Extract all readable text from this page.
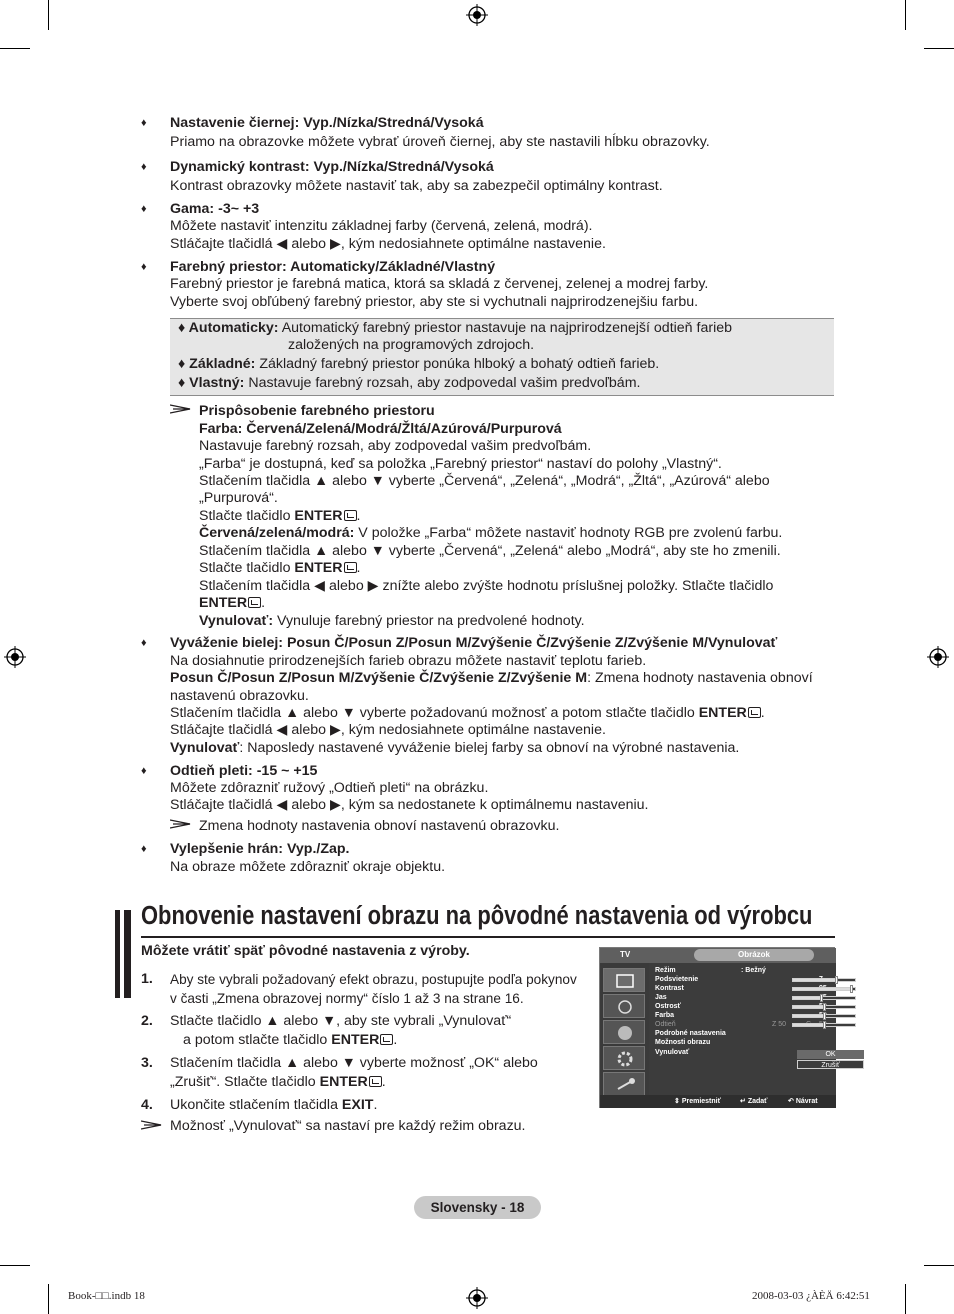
♦ Nastavenie čiernej: Vyp./Nízka/Stredná/Vysoká
Priamo na obrazovke môžete vybrať úroveň čiernej, aby ste nastavili hĺbku obrazovky.
♦ Dynamický kontrast: Vyp./Nízka/Stredná/Vysoká
Kontrast obrazovky môžete nastaviť tak, aby sa zabezpečil optimálny kontrast.
♦ Gama: -3~ +3
Môžete nastaviť intenzitu základnej farby (červená, zelená, modrá).
Stláčajte tlačidlá ◀ alebo ▶, kým nedosiahnete optimálne nastavenie.
♦ Farebný priestor: Automaticky/Základné/Vlastný
Farebný priestor je farebná matica, ktorá sa skladá z červenej, zelenej a modrej farby.
Vyberte svoj obľúbený farebný priestor, aby ste si vychutnali najprirodzenejšiu farbu.
♦ Automaticky: Automatický farebný priestor nastavuje na najprirodzenejší odtieň farieb
založených na programových zdrojoch.
♦ Základné: Základný farebný priestor ponúka hlboký a bohatý odtieň farieb.
♦ Vlastný: Nastavuje farebný rozsah, aby zodpovedal vašim predvoľbám.
Prispôsobenie farebného priestoru
Farba: Červená/Zelená/Modrá/Žltá/Azúrová/Purpurová
Nastavuje farebný rozsah, aby zodpovedal vašim predvoľbám.
„Farba“ je dostupná, keď sa položka „Farebný priestor“ nastaví do polohy „Vlastný“.
Stlačením tlačidla ▲ alebo ▼ vyberte „Červená“, „Zelená“, „Modrá“, „Žltá“, „Azúrová“ alebo
„Purpurová“.
Stlačte tlačidlo ENTER .
Červená/zelená/modrá: V položke „Farba“ môžete nastaviť hodnoty RGB pre zvolenú farbu.
Stlačením tlačidla ▲ alebo ▼ vyberte „Červená“, „Zelená“ alebo „Modrá“, aby ste ho zmenili.
Stlačte tlačidlo ENTER .
Stlačením tlačidla ◀ alebo ▶ znížte alebo zvýšte hodnotu príslušnej položky. Stlačte tlačidlo
ENTER .
Vynulovať: Vynuluje farebný priestor na predvolené hodnoty.
♦ Vyváženie bielej: Posun Č/Posun Z/Posun M/Zvýšenie Č/Zvýšenie Z/Zvýšenie M/Vynulovať
Na dosiahnutie prirodzenejších farieb obrazu môžete nastaviť teplotu farieb.
Posun Č/Posun Z/Posun M/Zvýšenie Č/Zvýšenie Z/Zvýšenie M: Zmena hodnoty nastavenia obnoví
nastavenú obrazovku.
Stlačením tlačidla ▲ alebo ▼ vyberte požadovanú možnosť a potom stlačte tlačidlo ENTER .
Stláčajte tlačidlá ◀ alebo ▶, kým nedosiahnete optimálne nastavenie.
Vynulovať: Naposledy nastavené vyváženie bielej farby sa obnoví na výrobné nastavenia.
♦ Odtieň pleti: -15 ~ +15
Môžete zdôrazniť ružový „Odtieň pleti“ na obrázku.
Stláčajte tlačidlá ◀ alebo ▶, kým sa nedostanete k optimálnemu nastaveniu.
Zmena hodnoty nastavenia obnoví nastavenú obrazovku.
♦ Vylepšenie hrán: Vyp./Zap.
Na obraze môžete zdôrazniť okraje objektu.
Obnovenie nastavení obrazu na pôvodné nastavenia od výrobcu
Môžete vrátiť späť pôvodné nastavenia z výroby.
1. Aby ste vybrali požadovaný efekt obrazu, postupujte podľa pokynov
v časti „Zmena obrazovej normy“ číslo 1 až 3 na strane 16.
2. Stlačte tlačidlo ▲ alebo ▼, aby ste vybrali „Vynulovať“
a potom stlačte tlačidlo ENTER .
3. Stlačením tlačidla ▲ alebo ▼ vyberte možnosť „OK“ alebo
„Zrušiť“. Stlačte tlačidlo ENTER .
4. Ukončite stlačením tlačidla EXIT.
Možnosť „Vynulovať“ sa nastaví pre každý režim obrazu.
TV	Obrázok
Režim	: Bežný
Podsvietenie
Kontrast
Jas
Ostrosť
Farba
Odtieň	Z 50
Podrobné nastavenia
Možnosti obrazu
Vynulovať	OK
Zrušiť
⇕ Premiestniť	↵ Zadať	↶ Návrat
Slovensky - 18
Book-□□.indb 18	2008-03-03 ¿ÀÈÄ 6:42:51
